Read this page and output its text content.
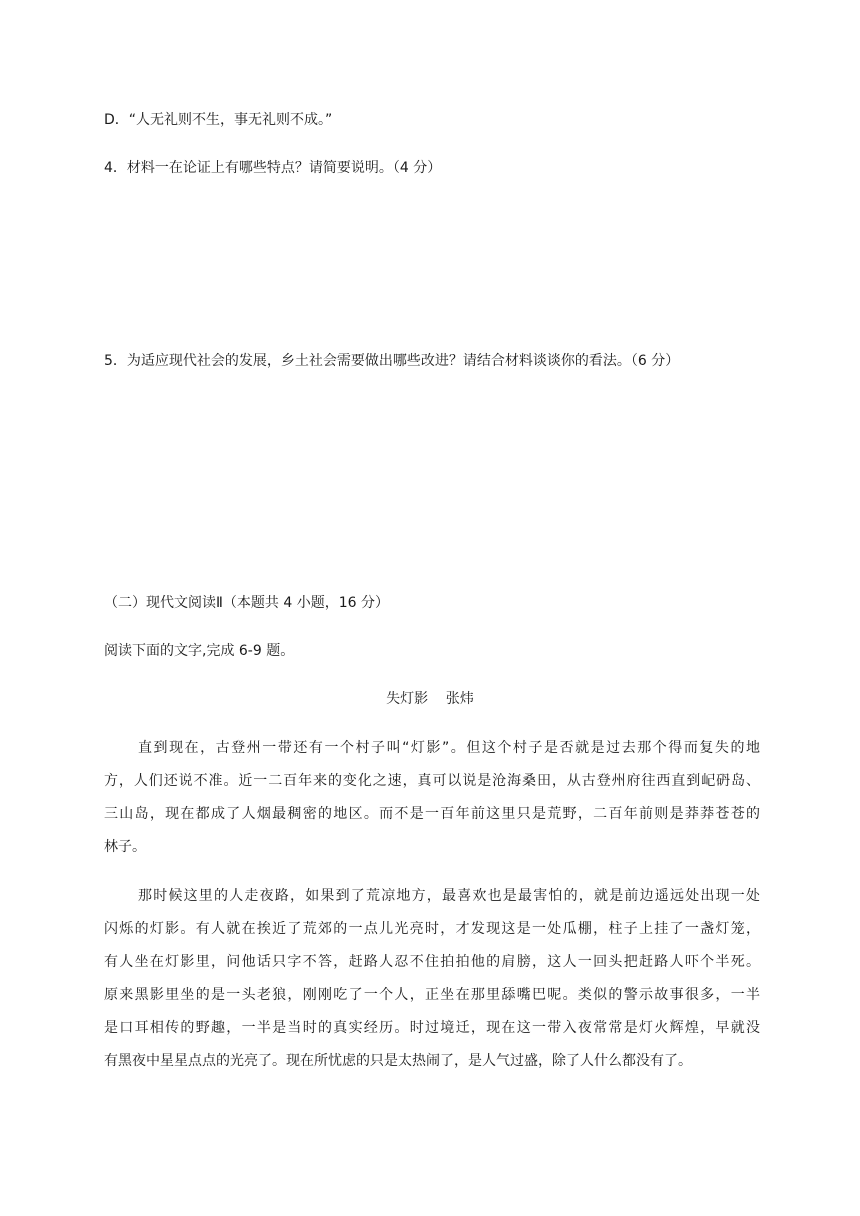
D．“人无礼则不生，事无礼则不成。”
4．材料一在论证上有哪些特点？请简要说明。（4 分）
5．为适应现代社会的发展，乡土社会需要做出哪些改进？请结合材料谈谈你的看法。（6 分）
（二）现代文阅读Ⅱ（本题共 4 小题，16 分）
阅读下面的文字,完成 6-9 题。
失灯影    张炜
直到现在，古登州一带还有一个村子叫“灯影”。但这个村子是否就是过去那个得而复失的地
方，人们还说不准。近一二百年来的变化之速，真可以说是沧海桑田，从古登州府往西直到屺砃岛、
三山岛，现在都成了人烟最稠密的地区。而不是一百年前这里只是荒野，二百年前则是莽莽苍苍的
林子。
那时候这里的人走夜路，如果到了荒凉地方，最喜欢也是最害怕的，就是前边遥远处出现一处
闪烁的灯影。有人就在挨近了荒郊的一点儿光亮时，才发现这是一处瓜棚，柱子上挂了一盏灯笼，
有人坐在灯影里，问他话只字不答，赶路人忍不住拍拍他的肩膀，这人一回头把赶路人吓个半死。
原来黑影里坐的是一头老狼，刚刚吃了一个人，正坐在那里舔嘴巴呢。类似的警示故事很多，一半
是口耳相传的野趣，一半是当时的真实经历。时过境迁，现在这一带入夜常常是灯火辉煌，早就没
有黑夜中星星点点的光亮了。现在所忧虑的只是太热闹了，是人气过盛，除了人什么都没有了。
